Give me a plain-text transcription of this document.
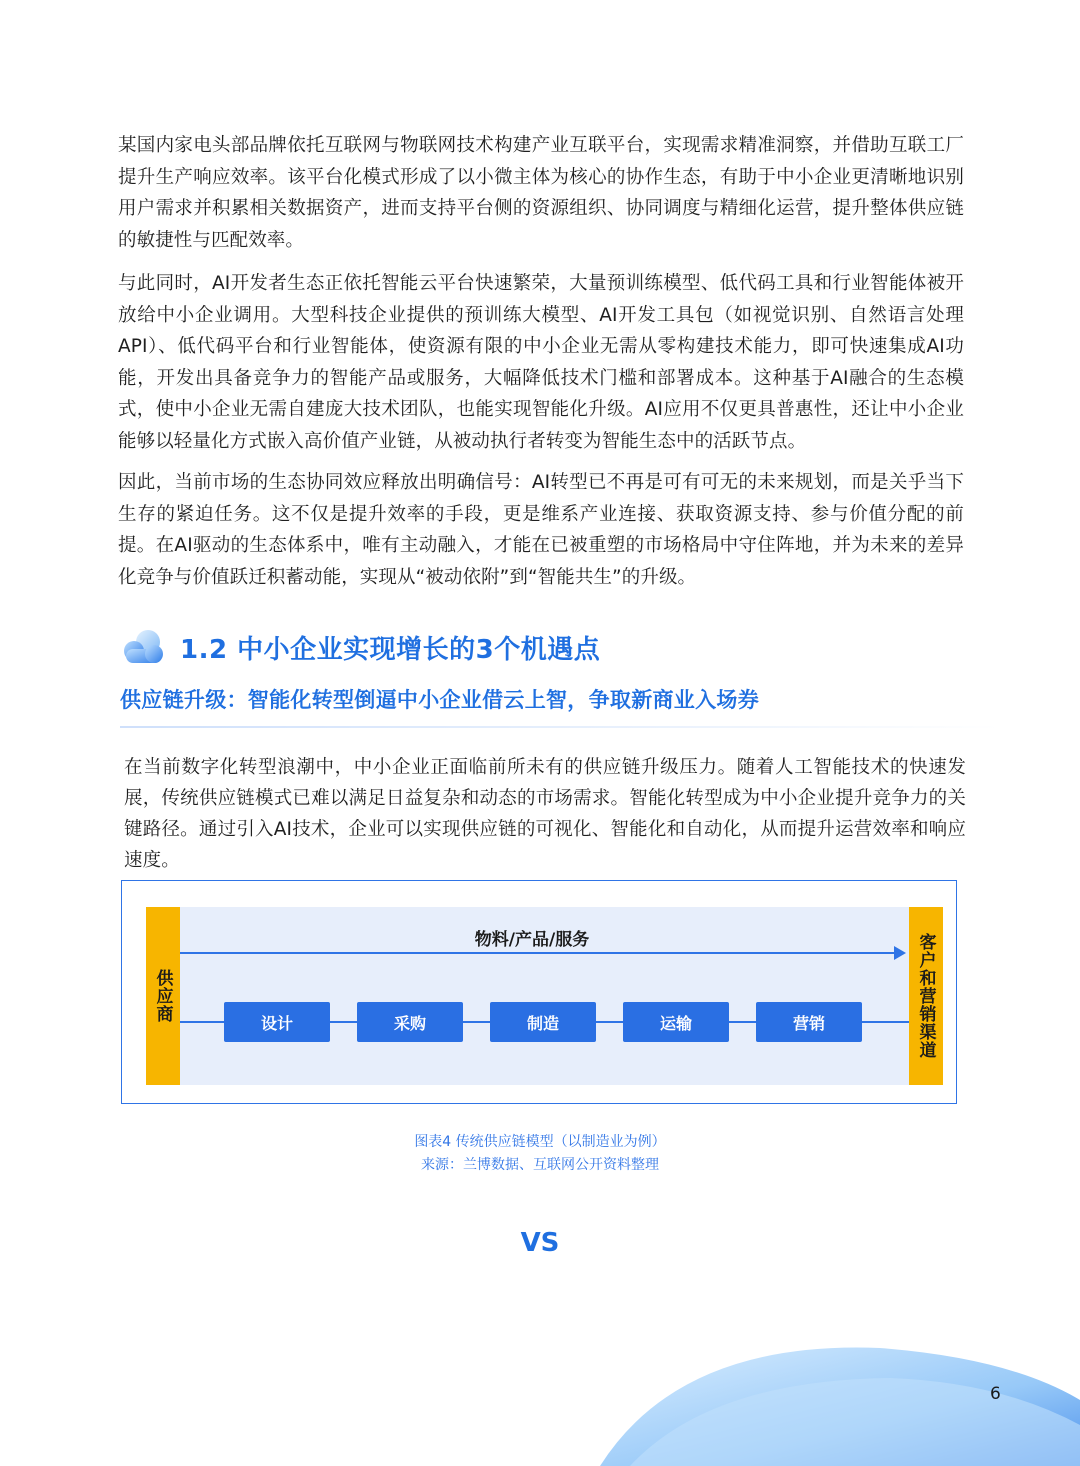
某国内家电头部品牌依托互联网与物联网技术构建产业互联平台，实现需求精准洞察，并借助互联工厂提升生产响应效率。该平台化模式形成了以小微主体为核心的协作生态，有助于中小企业更清晰地识别用户需求并积累相关数据资产，进而支持平台侧的资源组织、协同调度与精细化运营，提升整体供应链的敏捷性与匹配效率。

与此同时，AI开发者生态正依托智能云平台快速繁荣，大量预训练模型、低代码工具和行业智能体被开放给中小企业调用。大型科技企业提供的预训练大模型、AI开发工具包（如视觉识别、自然语言处理API）、低代码平台和行业智能体，使资源有限的中小企业无需从零构建技术能力，即可快速集成AI功能，开发出具备竞争力的智能产品或服务，大幅降低技术门槛和部署成本。这种基于AI融合的生态模式，使中小企业无需自建庞大技术团队，也能实现智能化升级。AI应用不仅更具普惠性，还让中小企业能够以轻量化方式嵌入高价值产业链，从被动执行者转变为智能生态中的活跃节点。

因此，当前市场的生态协同效应释放出明确信号：AI转型已不再是可有可无的未来规划，而是关乎当下生存的紧迫任务。这不仅是提升效率的手段，更是维系产业连接、获取资源支持、参与价值分配的前提。在AI驱动的生态体系中，唯有主动融入，才能在已被重塑的市场格局中守住阵地，并为未来的差异化竞争与价值跃迁积蓄动能，实现从“被动依附”到“智能共生”的升级。

1.2 中小企业实现增长的3个机遇点
供应链升级：智能化转型倒逼中小企业借云上智，争取新商业入场券

在当前数字化转型浪潮中，中小企业正面临前所未有的供应链升级压力。随着人工智能技术的快速发展，传统供应链模式已难以满足日益复杂和动态的市场需求。智能化转型成为中小企业提升竞争力的关键路径。通过引入AI技术，企业可以实现供应链的可视化、智能化和自动化，从而提升运营效率和响应速度。

供应商	客户和营销渠道
物料/产品/服务
设计	采购	制造	运输	营销
图表4 传统供应链模型（以制造业为例）
来源：兰博数据、互联网公开资料整理
VS
6
